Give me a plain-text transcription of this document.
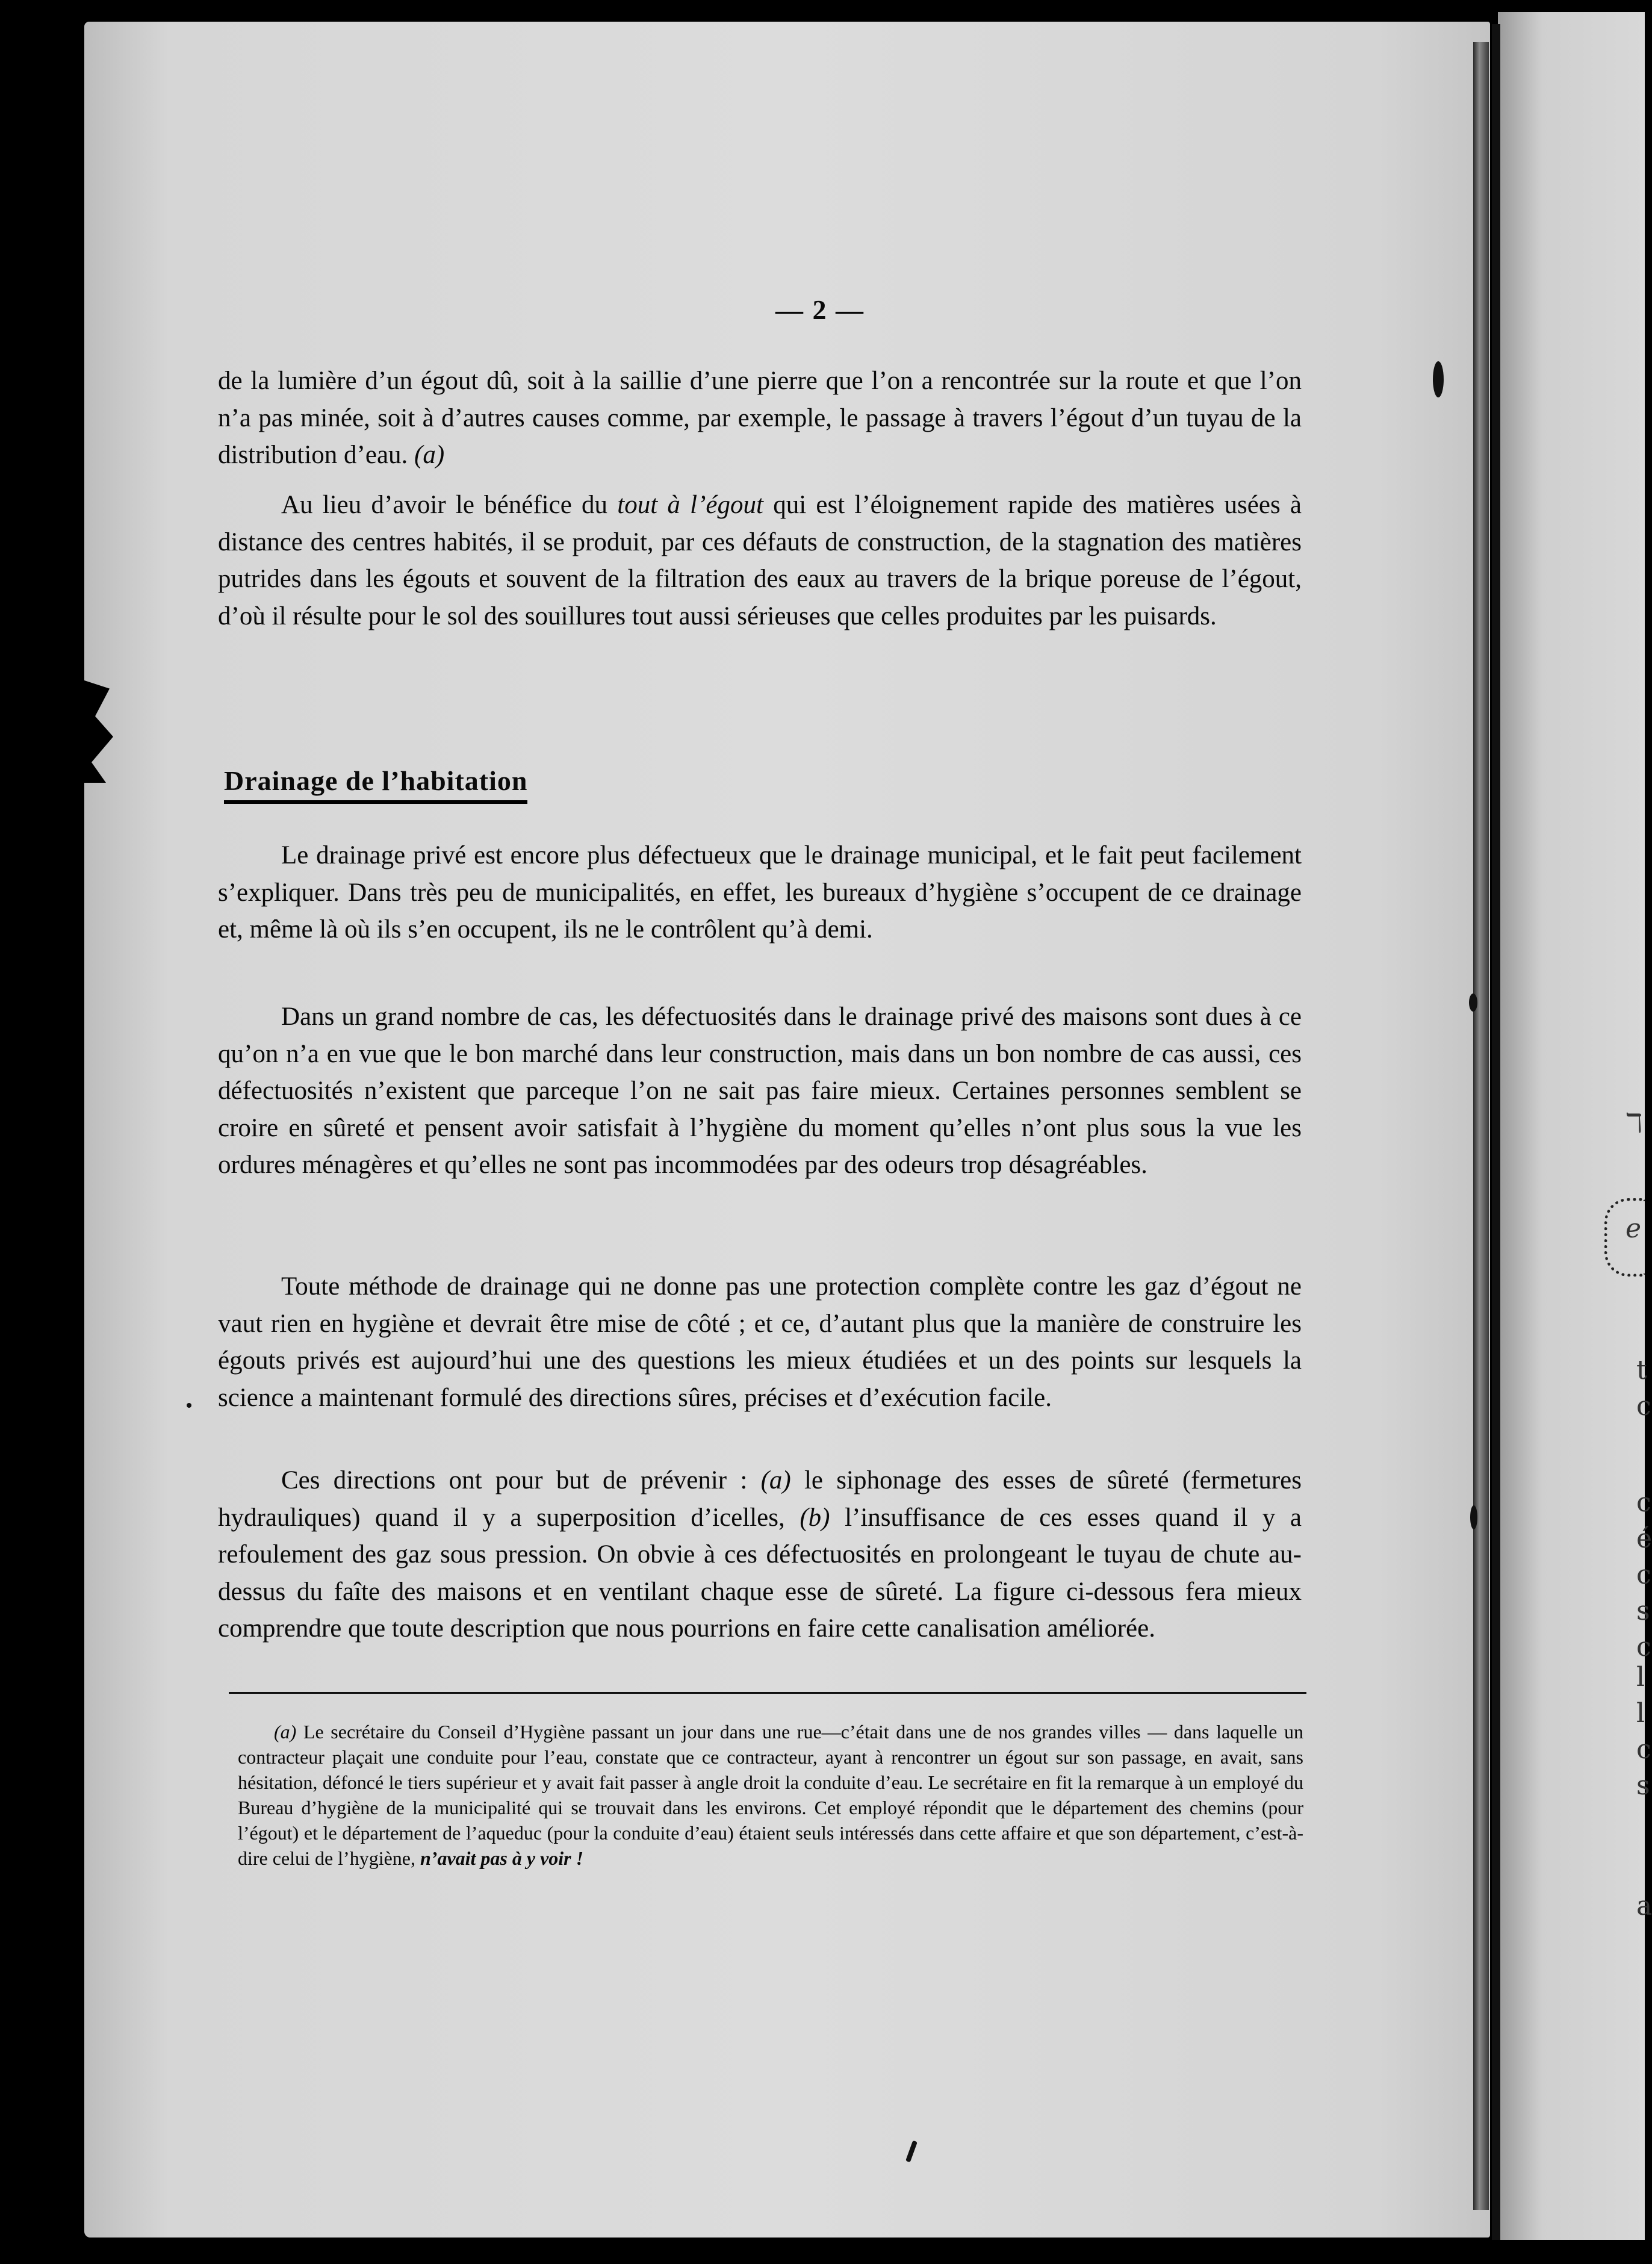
ℸ
e
t
c
c
é
c
s
c
l
l
c
s
a
— 2 —

de la lumière d’un égout dû, soit à la saillie d’une pierre que l’on a rencontrée sur la route et que l’on n’a pas minée, soit à d’autres causes comme, par exemple, le passage à travers l’égout d’un tuyau de la distribution d’eau. (a)

Au lieu d’avoir le bénéfice du tout à l’égout qui est l’éloignement rapide des matières usées à distance des centres habités, il se produit, par ces défauts de construction, de la stagnation des matières putrides dans les égouts et souvent de la filtration des eaux au travers de la brique poreuse de l’égout, d’où il résulte pour le sol des souillures tout aussi sérieuses que celles produites par les puisards.

Drainage de l’habitation

Le drainage privé est encore plus défectueux que le drainage municipal, et le fait peut facilement s’expliquer. Dans très peu de municipalités, en effet, les bureaux d’hygiène s’occupent de ce drainage et, même là où ils s’en occupent, ils ne le contrôlent qu’à demi.

Dans un grand nombre de cas, les défectuosités dans le drainage privé des maisons sont dues à ce qu’on n’a en vue que le bon marché dans leur construction, mais dans un bon nombre de cas aussi, ces défectuosités n’existent que parceque l’on ne sait pas faire mieux. Certaines personnes semblent se croire en sûreté et pensent avoir satisfait à l’hygiène du moment qu’elles n’ont plus sous la vue les ordures ménagères et qu’elles ne sont pas incommodées par des odeurs trop désagréables.

Toute méthode de drainage qui ne donne pas une protection complète contre les gaz d’égout ne vaut rien en hygiène et devrait être mise de côté ; et ce, d’autant plus que la manière de construire les égouts privés est aujourd’hui une des questions les mieux étudiées et un des points sur lesquels la science a maintenant formulé des directions sûres, précises et d’exécution facile.

Ces directions ont pour but de prévenir : (a) le siphonage des esses de sûreté (fermetures hydrauliques) quand il y a superposition d’icelles, (b) l’insuffisance de ces esses quand il y a refoulement des gaz sous pression. On obvie à ces défectuosités en prolongeant le tuyau de chute au-dessus du faîte des maisons et en ventilant chaque esse de sûreté. La figure ci-dessous fera mieux comprendre que toute description que nous pourrions en faire cette canalisation améliorée.

(a) Le secrétaire du Conseil d’Hygiène passant un jour dans une rue—c’était dans une de nos grandes villes — dans laquelle un contracteur plaçait une conduite pour l’eau, constate que ce contracteur, ayant à rencontrer un égout sur son passage, en avait, sans hésitation, défoncé le tiers supérieur et y avait fait passer à angle droit la conduite d’eau. Le secrétaire en fit la remarque à un employé du Bureau d’hygiène de la municipalité qui se trouvait dans les environs. Cet employé répondit que le département des chemins (pour l’égout) et le département de l’aqueduc (pour la conduite d’eau) étaient seuls intéressés dans cette affaire et que son département, c’est-à-dire celui de l’hygiène, n’avait pas à y voir !
